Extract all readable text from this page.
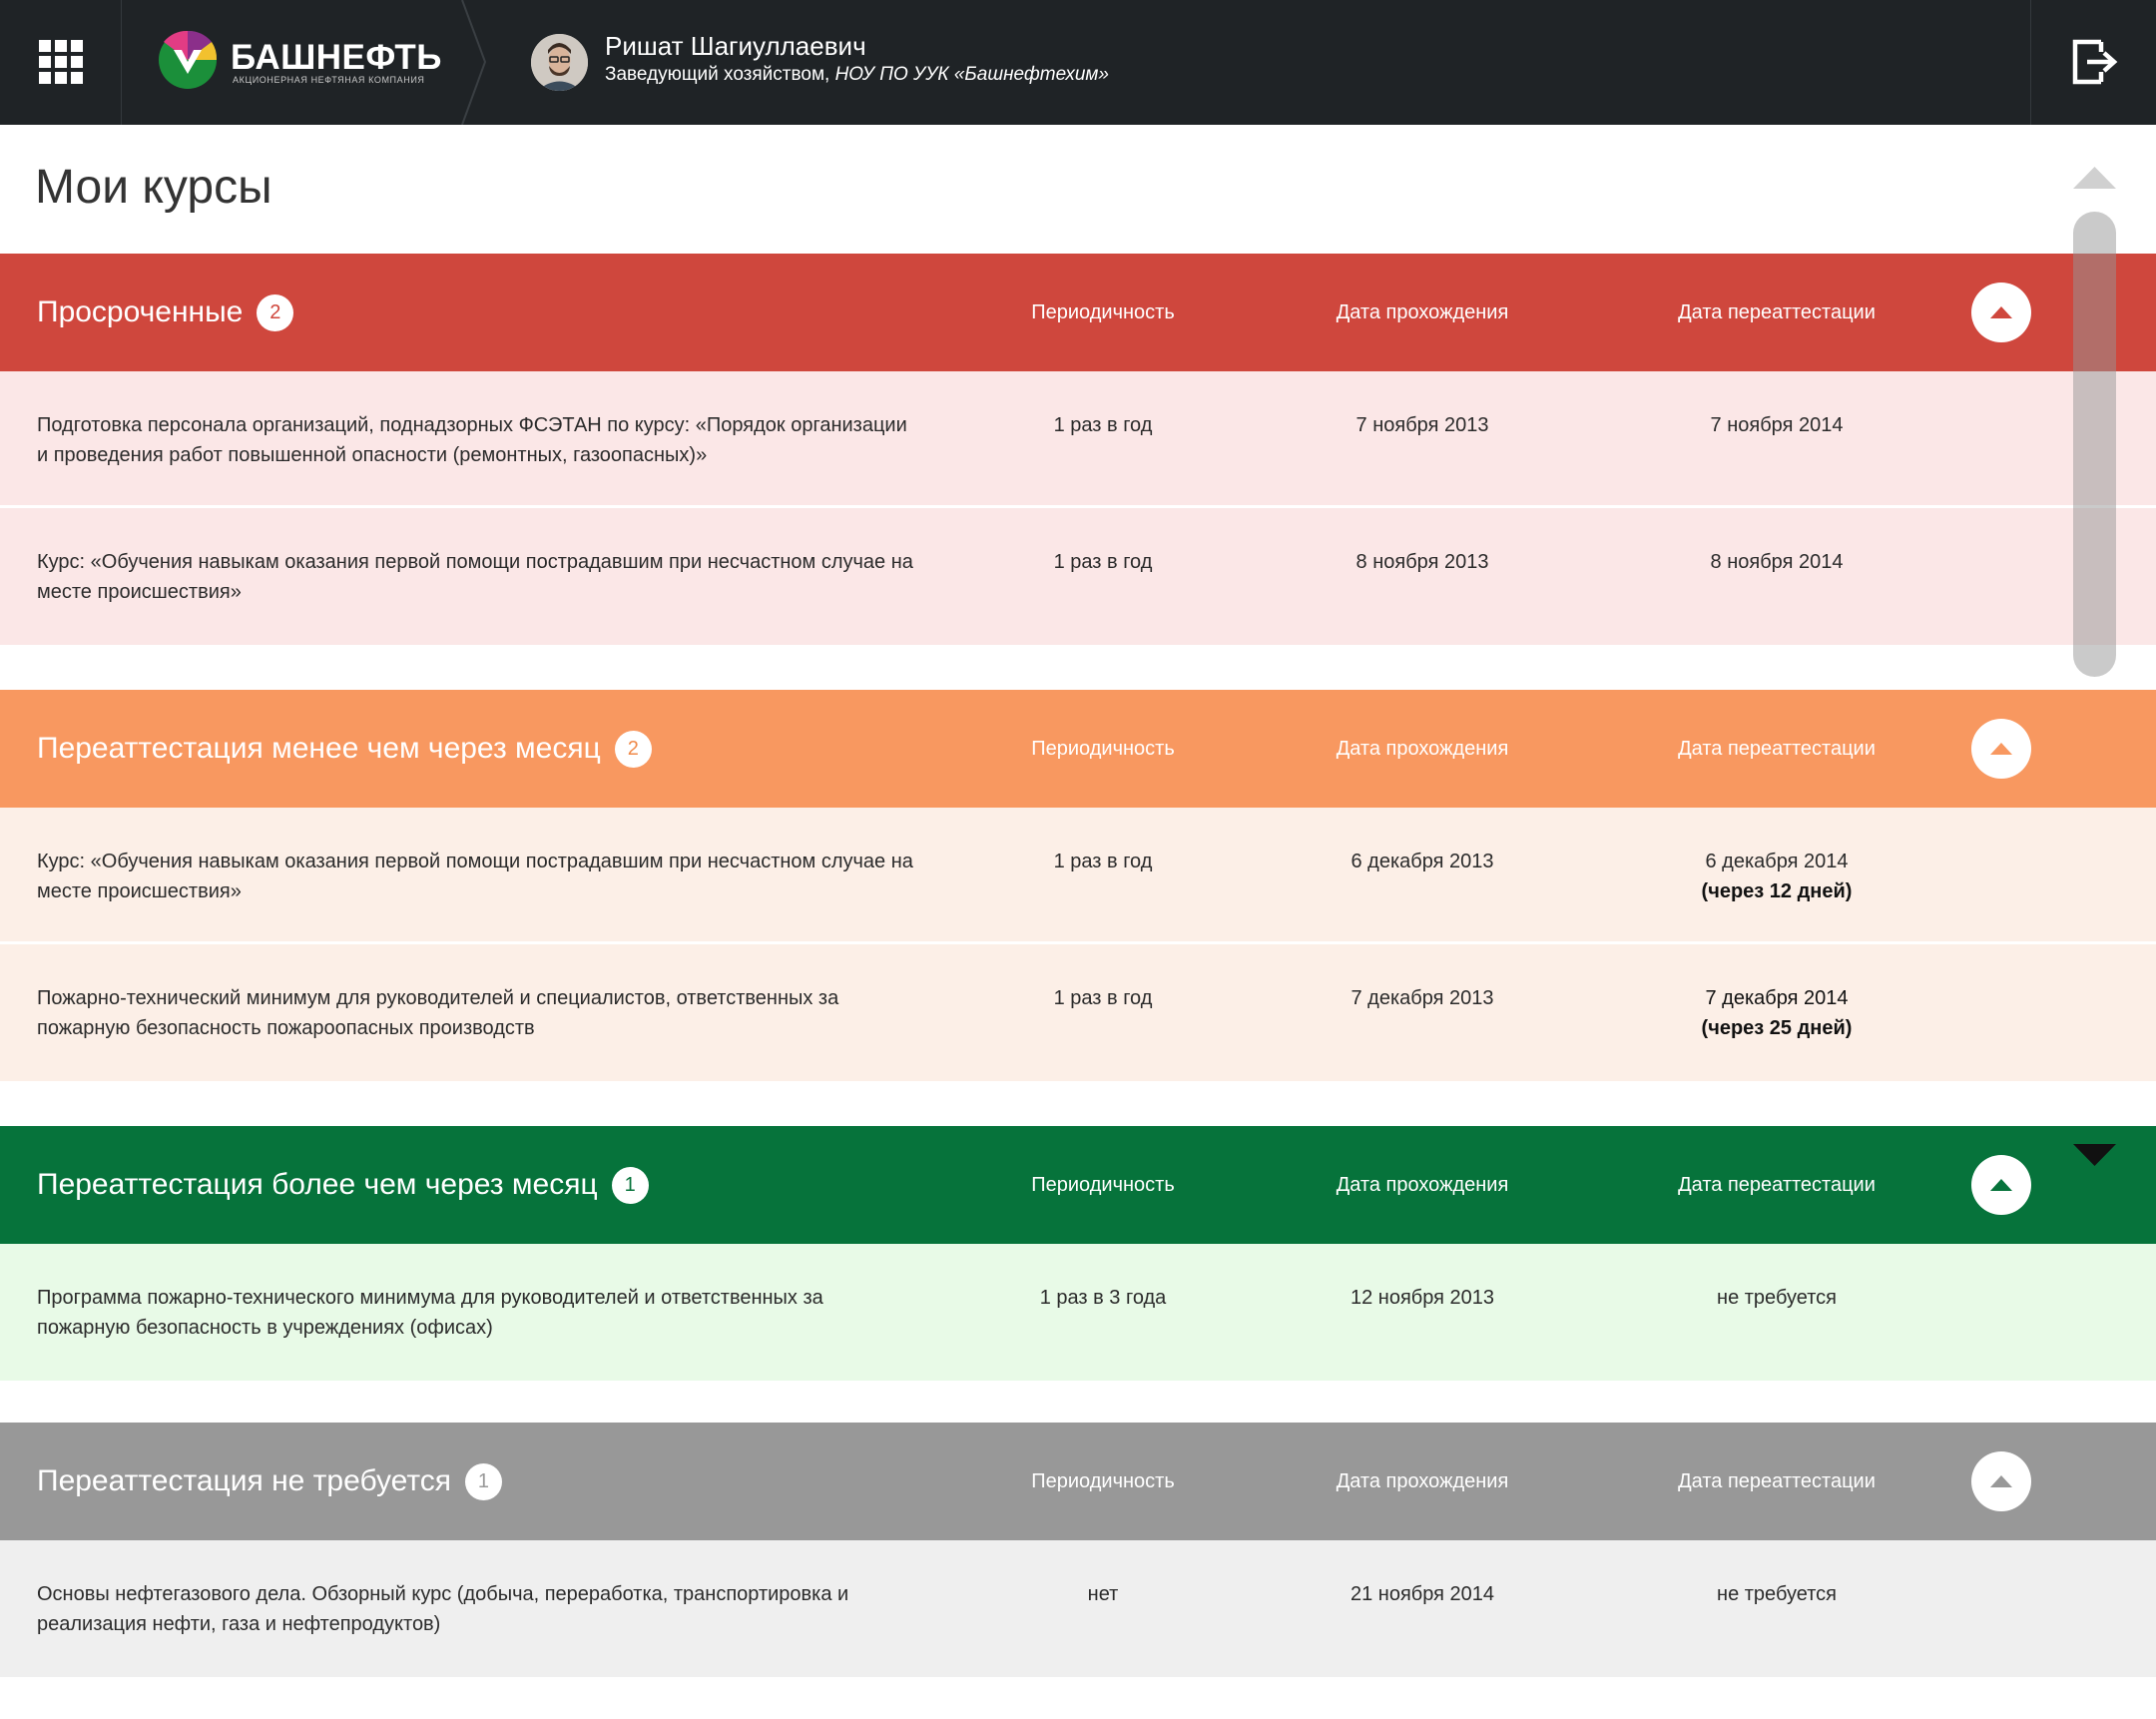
БАШНЕФТЬ
АКЦИОНЕРНАЯ НЕФТЯНАЯ КОМПАНИЯ
Ришат Шагиуллаевич
Заведующий хозяйством, НОУ ПО УУК «Башнефтехим»
Мои курсы
Просроченные	2	Периодичность	Дата прохождения	Дата переаттестации
Подготовка персонала организаций, поднадзорных ФСЭТАН по курсу: «Порядок организации и проведения работ повышенной опасности (ремонтных, газоопасных)»
1 раз в год	7 ноября 2013	7 ноября 2014
Курс: «Обучения навыкам оказания первой помощи пострадавшим при несчастном случае на месте происшествия»
1 раз в год	8 ноября 2013	8 ноября 2014
Переаттестация менее чем через месяц	2	Периодичность	Дата прохождения	Дата переаттестации
Курс: «Обучения навыкам оказания первой помощи пострадавшим при несчастном случае на месте происшествия»
1 раз в год	6 декабря 2013	6 декабря 2014
(через 12 дней)
Пожарно-технический минимум для руководителей и специалистов, ответственных за пожарную безопасность пожароопасных производств
1 раз в год	7 декабря 2013	7 декабря 2014
(через 25 дней)
Переаттестация более чем через месяц	1	Периодичность	Дата прохождения	Дата переаттестации
Программа пожарно-технического минимума для руководителей и ответственных за пожарную безопасность в учреждениях (офисах)
1 раз в 3 года	12 ноября 2013	не требуется
Переаттестация не требуется	1	Периодичность	Дата прохождения	Дата переаттестации
Основы нефтегазового дела. Обзорный курс (добыча, переработка, транспортировка и реализация нефти, газа и нефтепродуктов)
нет	21 ноября 2014	не требуется
